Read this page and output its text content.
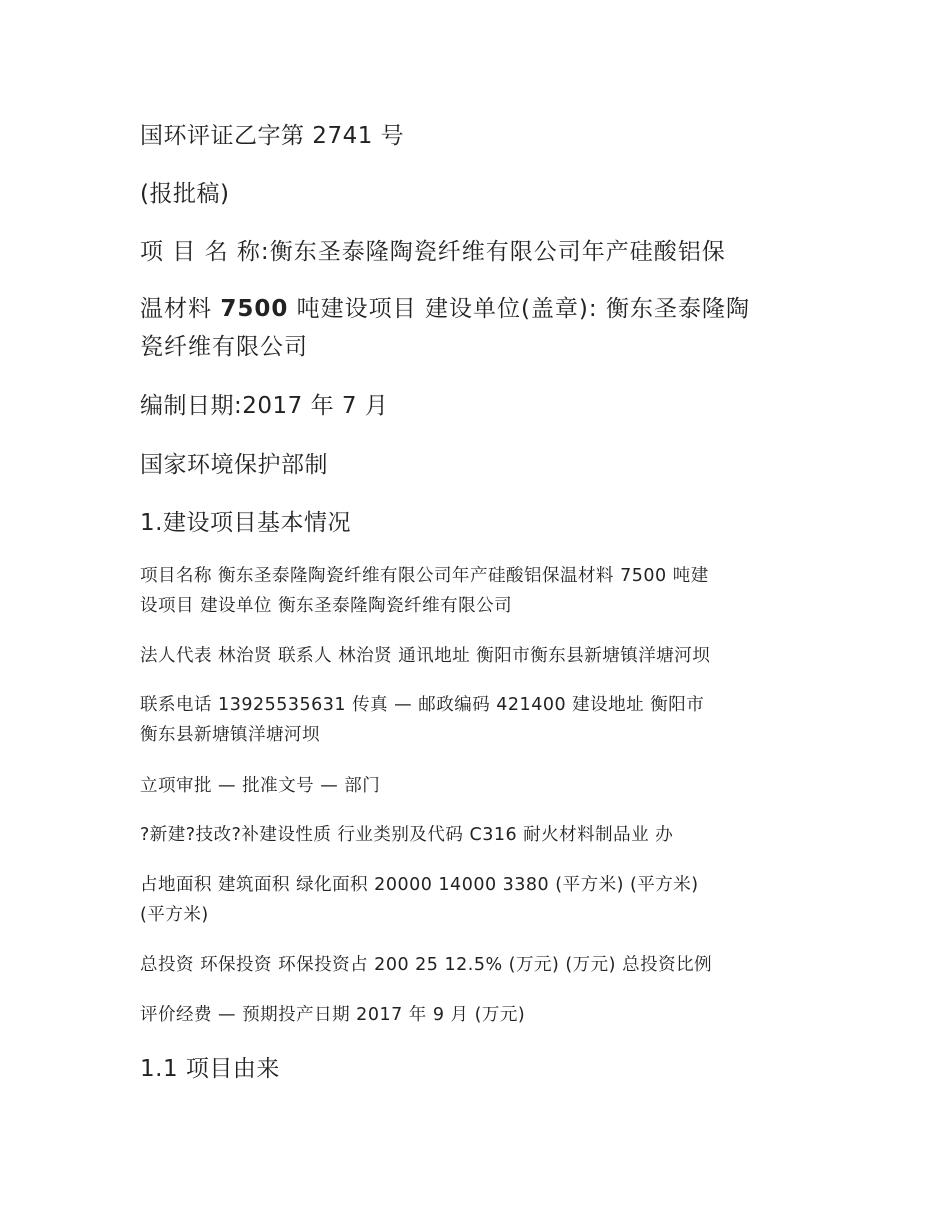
国环评证乙字第 2741 号

(报批稿)

项 目 名 称:衡东圣泰隆陶瓷纤维有限公司年产硅酸铝保

温材料 7500 吨建设项目 建设单位(盖章): 衡东圣泰隆陶

瓷纤维有限公司

编制日期:2017 年 7 月

国家环境保护部制

1.建设项目基本情况

项目名称 衡东圣泰隆陶瓷纤维有限公司年产硅酸铝保温材料 7500 吨建

设项目 建设单位 衡东圣泰隆陶瓷纤维有限公司

法人代表 林治贤 联系人 林治贤 通讯地址 衡阳市衡东县新塘镇洋塘河坝

联系电话 13925535631 传真 — 邮政编码 421400 建设地址 衡阳市

衡东县新塘镇洋塘河坝

立项审批 — 批准文号 — 部门

?新建?技改?补建设性质 行业类别及代码 C316 耐火材料制品业 办

占地面积 建筑面积 绿化面积 20000 14000 3380 (平方米) (平方米)

(平方米)

总投资 环保投资 环保投资占 200 25 12.5% (万元) (万元) 总投资比例

评价经费 — 预期投产日期 2017 年 9 月 (万元)

1.1 项目由来
